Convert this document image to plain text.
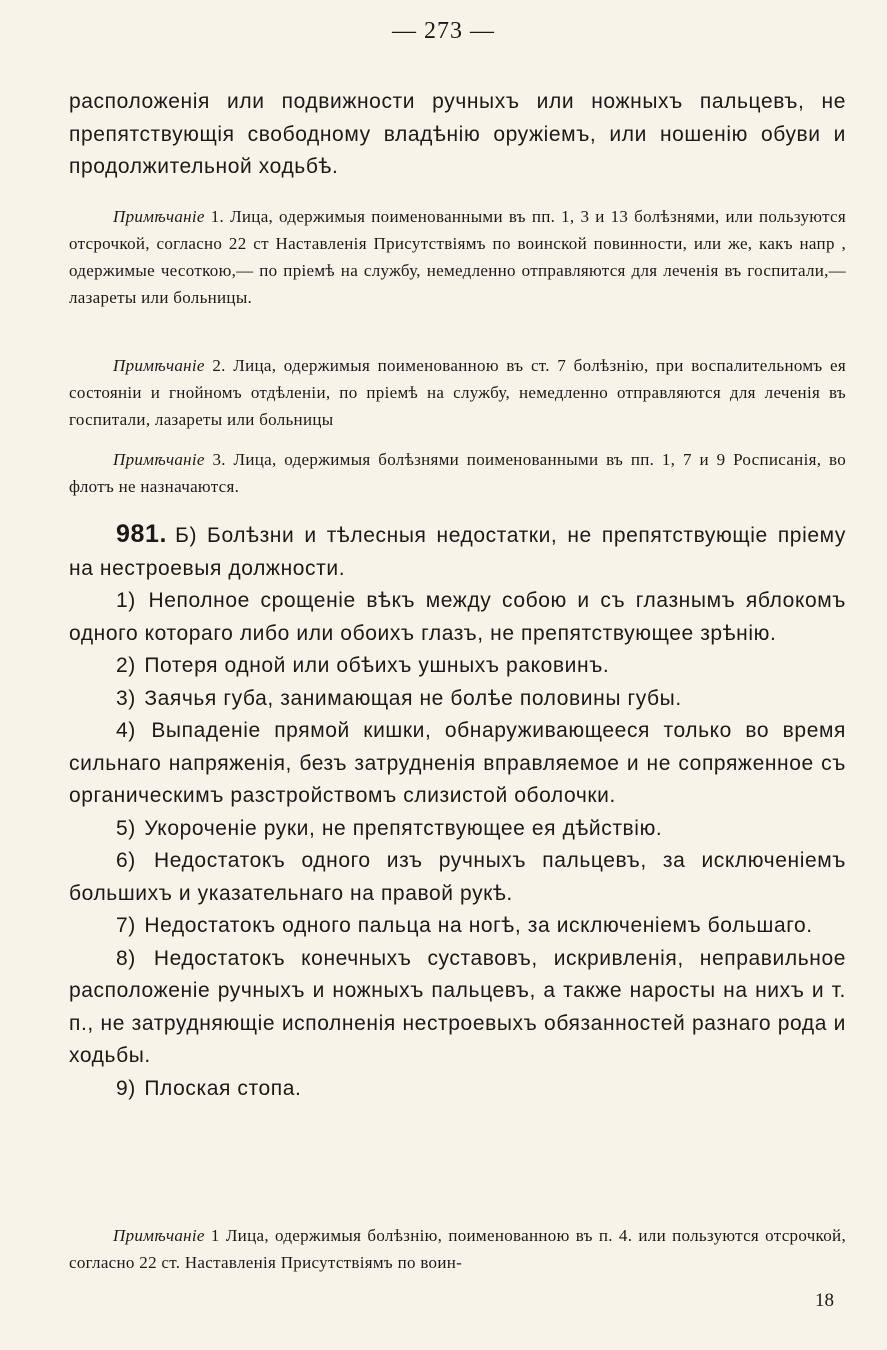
— 273 —

расположенія или подвижности ручныхъ или ножныхъ пальцевъ, не препятствующія свободному владѣнію оружіемъ, или ношенію обуви и продолжительной ходьбѣ.

Примѣчаніе 1. Лица, одержимыя поименованными въ пп. 1, 3 и 13 болѣзнями, или пользуются отсрочкой, согласно 22 ст Наставленія Присутствіямъ по воинской повинности, или же, какъ напр , одержимые чесоткою,— по пріемѣ на службу, немедленно отправляются для леченія въ госпитали,— лазареты или больницы.

Примѣчаніе 2. Лица, одержимыя поименованною въ ст. 7 болѣзнію, при воспалительномъ ея состояніи и гнойномъ отдѣленіи, по пріемѣ на службу, немедленно отправляются для леченія въ госпитали, лазареты или больницы

Примѣчаніе 3. Лица, одержимыя болѣзнями поименованными въ пп. 1, 7 и 9 Росписанія, во флотъ не назначаются.

981. Б) Болѣзни и тѣлесныя недостатки, не препятствующіе пріему на нестроевыя должности.

1) Неполное срощеніе вѣкъ между собою и съ глазнымъ яблокомъ одного котораго либо или обоихъ глазъ, не препятствующее зрѣнію.

2) Потеря одной или обѣихъ ушныхъ раковинъ.

3) Заячья губа, занимающая не болѣе половины губы.

4) Выпаденіе прямой кишки, обнаруживающееся только во время сильнаго напряженія, безъ затрудненія вправляемое и не сопряженное съ органическимъ разстройствомъ слизистой оболочки.

5) Укороченіе руки, не препятствующее ея дѣйствію.

6) Недостатокъ одного изъ ручныхъ пальцевъ, за исключеніемъ большихъ и указательнаго на правой рукѣ.

7) Недостатокъ одного пальца на ногѣ, за исключеніемъ большаго.

8) Недостатокъ конечныхъ суставовъ, искривленія, неправильное расположеніе ручныхъ и ножныхъ пальцевъ, а также наросты на нихъ и т. п., не затрудняющіе исполненія нестроевыхъ обязанностей разнаго рода и ходьбы.

9) Плоская стопа.

Примѣчаніе 1 Лица, одержимыя болѣзнію, поименованною въ п. 4. или пользуются отсрочкой, согласно 22 ст. Наставленія Присутствіямъ по воин-

18
